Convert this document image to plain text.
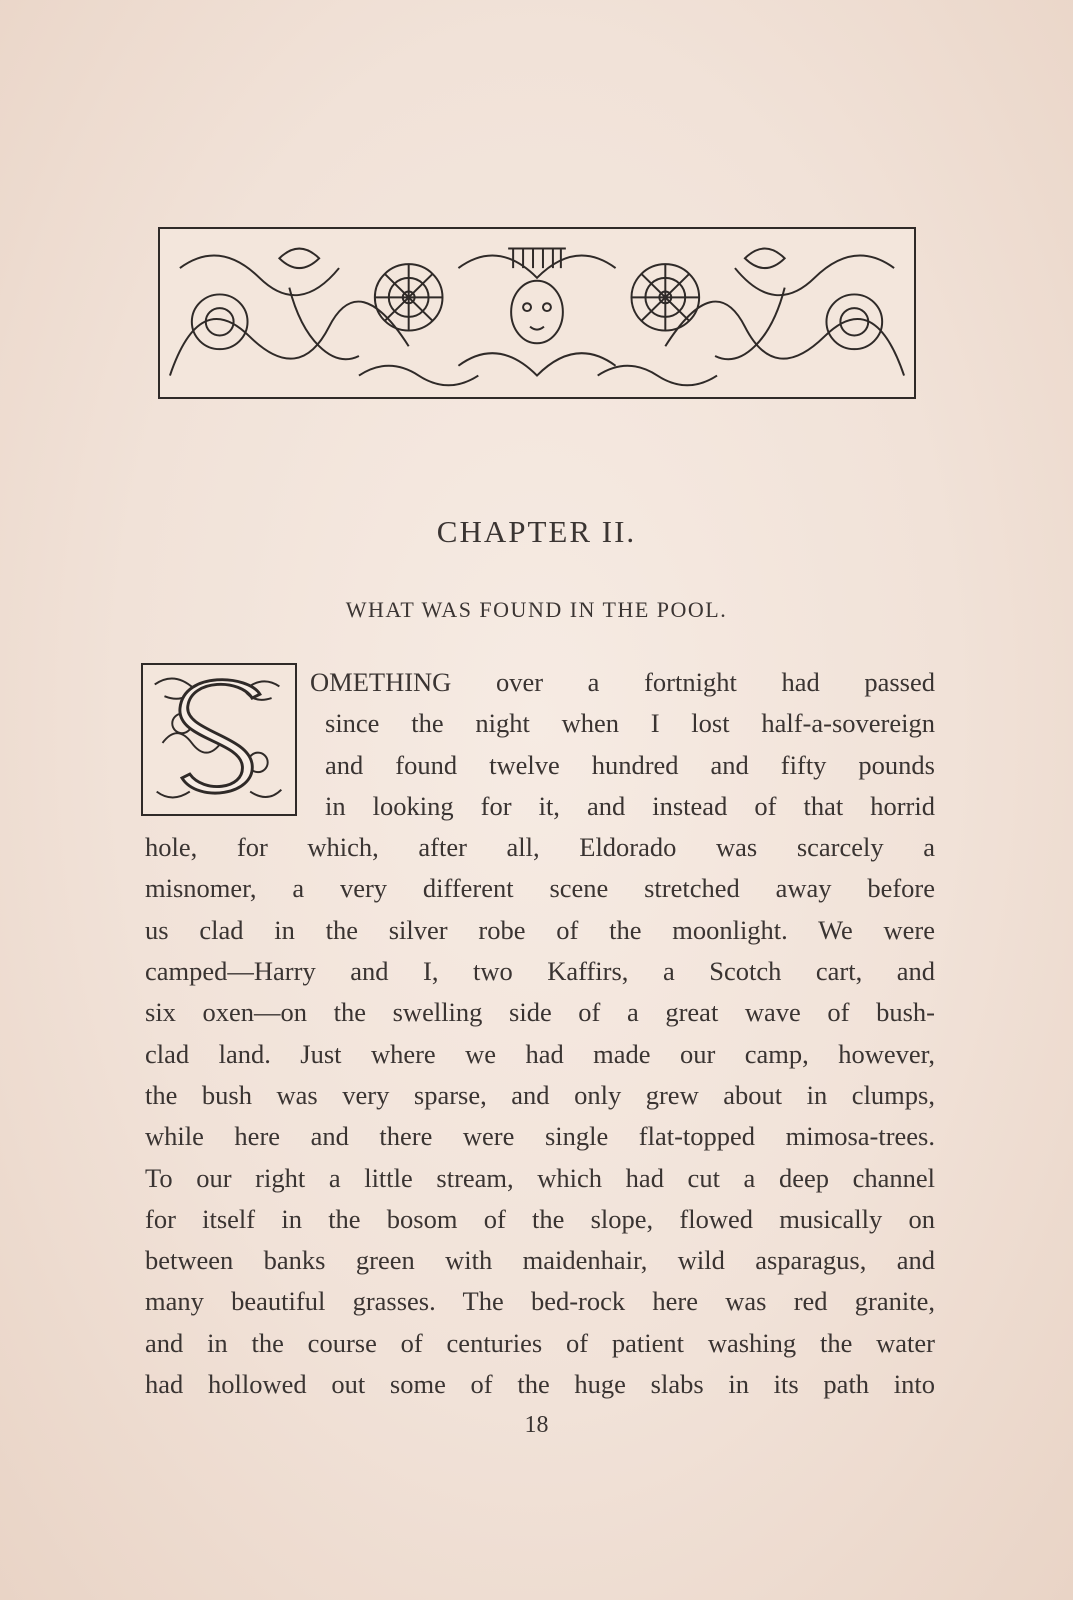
CHAPTER II.
WHAT WAS FOUND IN THE POOL.
OMETHING over a fortnight had passed
since the night when I lost half-a-sovereign
and found twelve hundred and fifty pounds
in looking for it, and instead of that horrid
hole, for which, after all, Eldorado was scarcely a
misnomer, a very different scene stretched away before
us clad in the silver robe of the moonlight. We were
camped—Harry and I, two Kaffirs, a Scotch cart, and
six oxen—on the swelling side of a great wave of bush-
clad land. Just where we had made our camp, however,
the bush was very sparse, and only grew about in clumps,
while here and there were single flat-topped mimosa-trees.
To our right a little stream, which had cut a deep channel
for itself in the bosom of the slope, flowed musically on
between banks green with maidenhair, wild asparagus, and
many beautiful grasses. The bed-rock here was red granite,
and in the course of centuries of patient washing the water
had hollowed out some of the huge slabs in its path into
18
